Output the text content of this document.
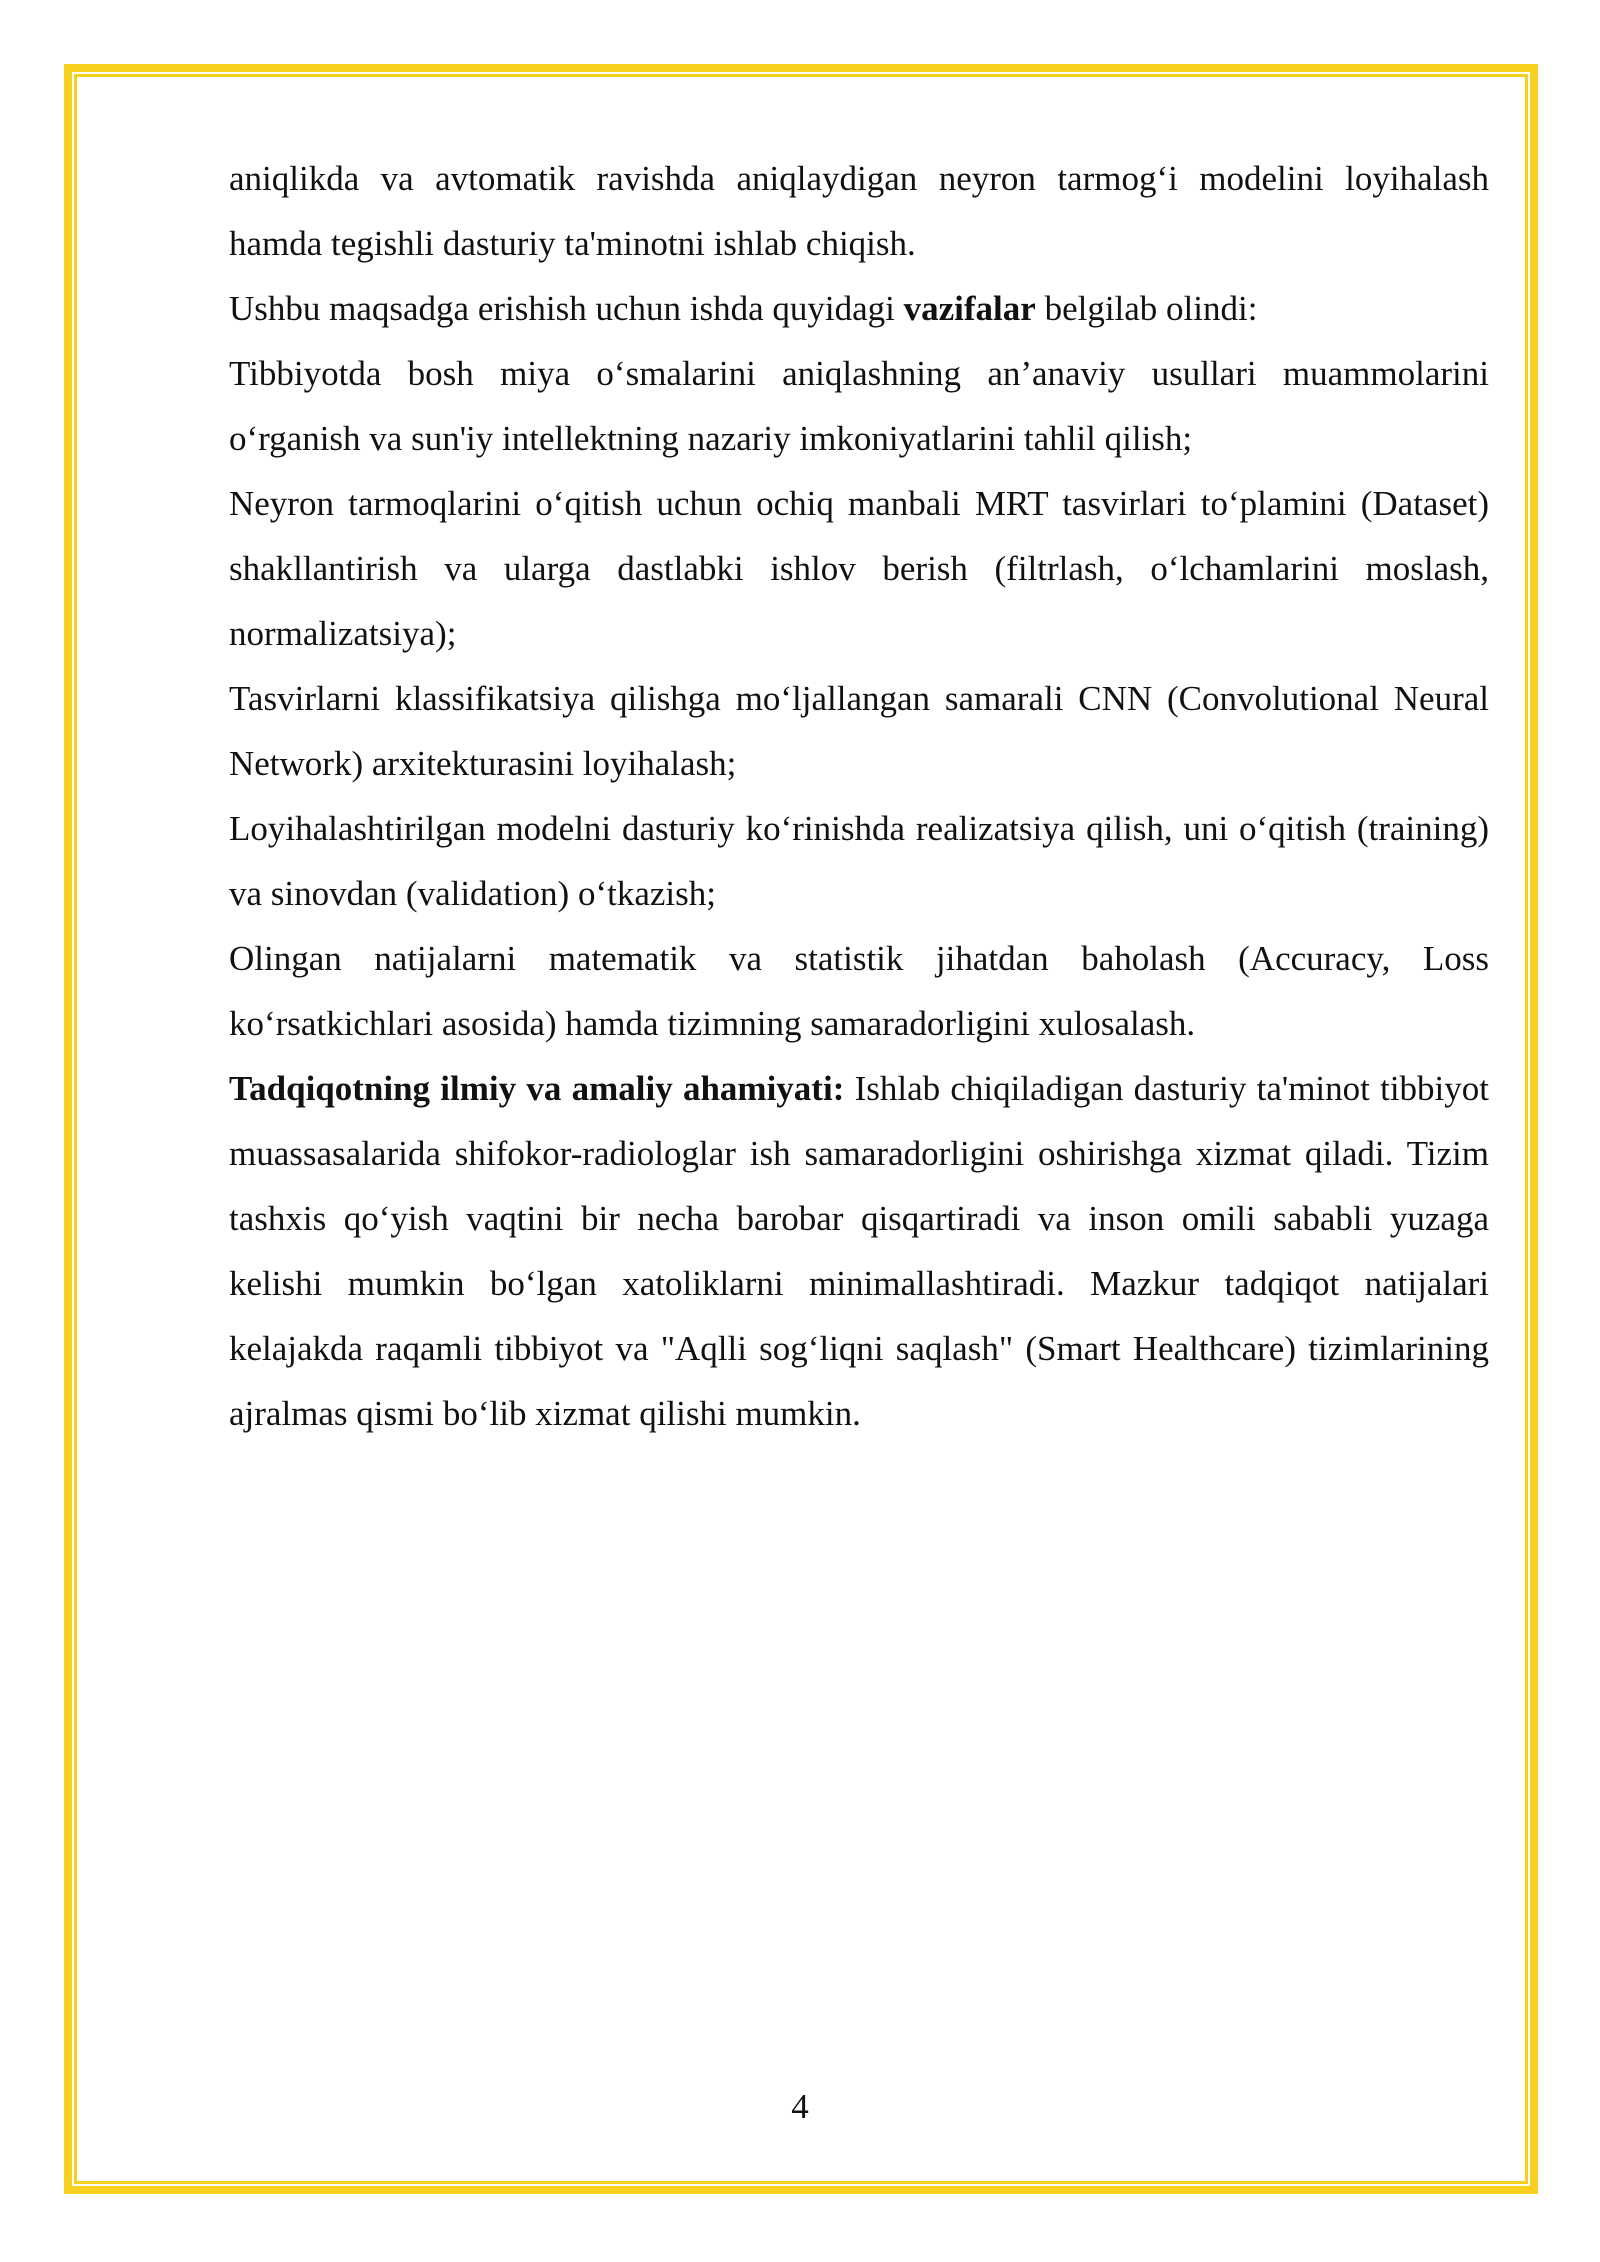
aniqlikda va avtomatik ravishda aniqlaydigan neyron tarmog‘i modelini loyihalash hamda tegishli dasturiy ta'minotni ishlab chiqish.

Ushbu maqsadga erishish uchun ishda quyidagi vazifalar belgilab olindi:

Tibbiyotda bosh miya o‘smalarini aniqlashning an’anaviy usullari muammolarini o‘rganish va sun'iy intellektning nazariy imkoniyatlarini tahlil qilish;

Neyron tarmoqlarini o‘qitish uchun ochiq manbali MRT tasvirlari to‘plamini (Dataset) shakllantirish va ularga dastlabki ishlov berish (filtrlash, o‘lchamlarini moslash, normalizatsiya);

Tasvirlarni klassifikatsiya qilishga mo‘ljallangan samarali CNN (Convolutional Neural Network) arxitekturasini loyihalash;

Loyihalashtirilgan modelni dasturiy ko‘rinishda realizatsiya qilish, uni o‘qitish (training) va sinovdan (validation) o‘tkazish;

Olingan natijalarni matematik va statistik jihatdan baholash (Accuracy, Loss ko‘rsatkichlari asosida) hamda tizimning samaradorligini xulosalash.

Tadqiqotning ilmiy va amaliy ahamiyati: Ishlab chiqiladigan dasturiy ta'minot tibbiyot muassasalarida shifokor-radiologlar ish samaradorligini oshirishga xizmat qiladi. Tizim tashxis qo‘yish vaqtini bir necha barobar qisqartiradi va inson omili sababli yuzaga kelishi mumkin bo‘lgan xatoliklarni minimallashtiradi. Mazkur tadqiqot natijalari kelajakda raqamli tibbiyot va "Aqlli sog‘liqni saqlash" (Smart Healthcare) tizimlarining ajralmas qismi bo‘lib xizmat qilishi mumkin.

4
